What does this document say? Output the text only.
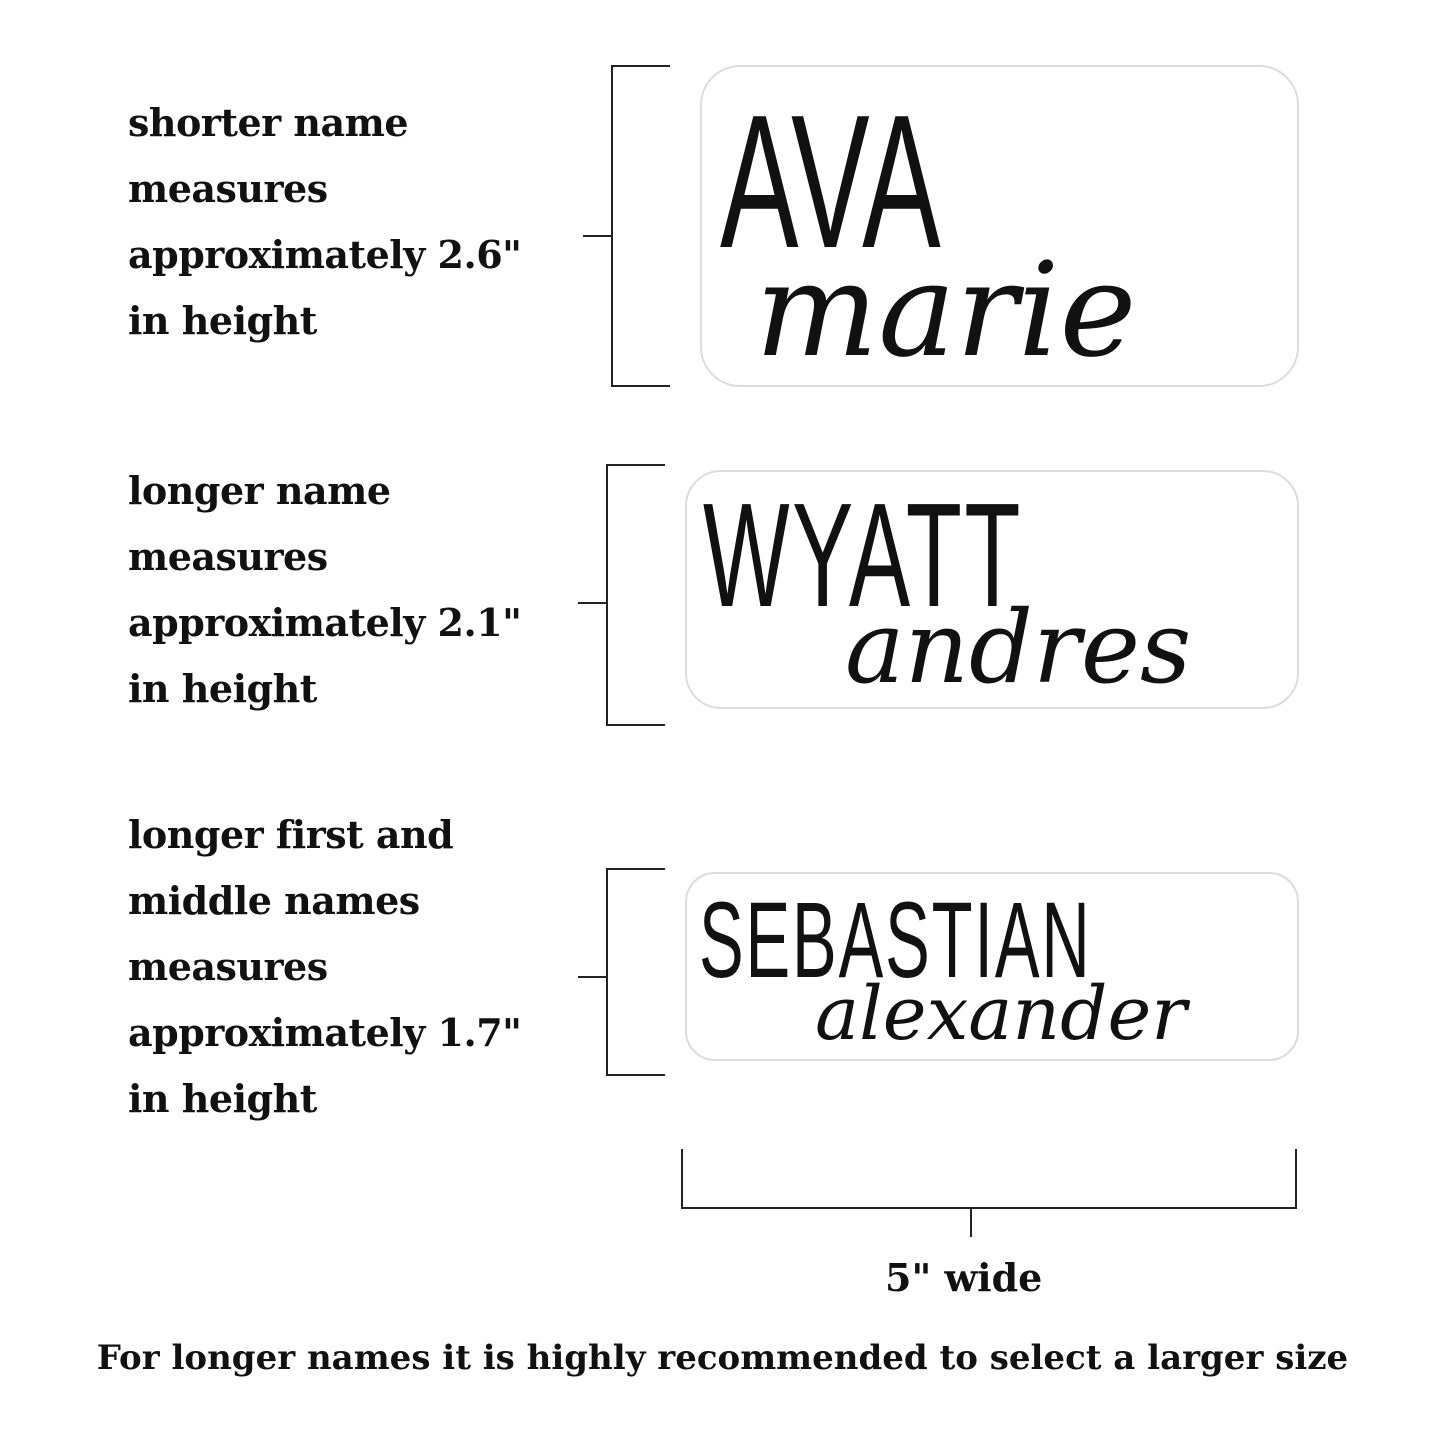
shorter name
measures
approximately 2.6"
in height
AVA
marie
longer name
measures
approximately 2.1"
in height
WYATT
andres
longer first and
middle names
measures
approximately 1.7"
in height
SEBASTIAN
alexander
5" wide
For longer names it is highly recommended to select a larger size
